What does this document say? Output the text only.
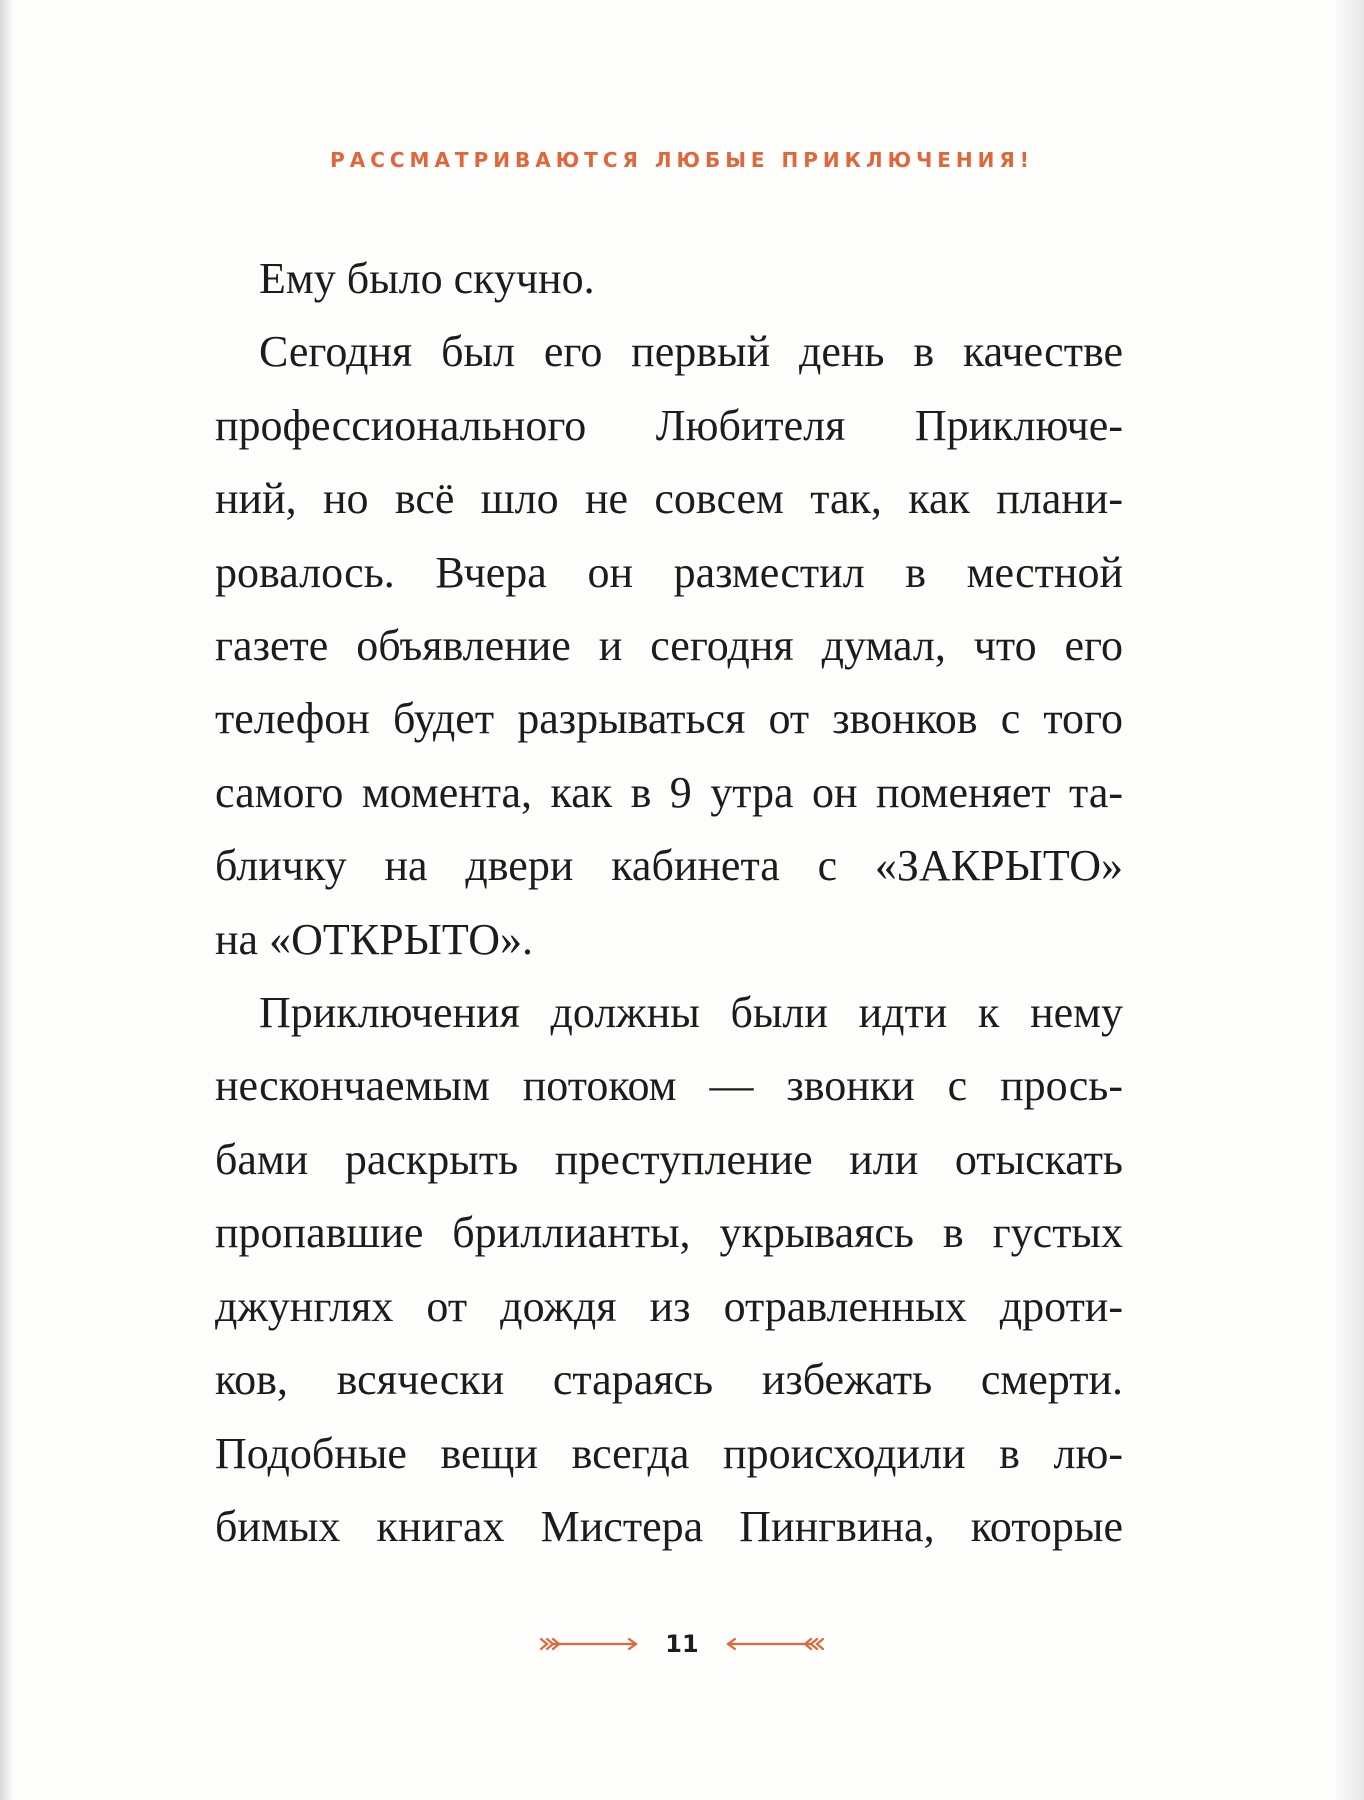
РАССМАТРИВАЮТСЯ ЛЮБЫЕ ПРИКЛЮЧЕНИЯ!
Ему было скучно.
Сегодня был его первый день в качестве
профессионального Любителя Приключе-
ний, но всё шло не совсем так, как плани-
ровалось. Вчера он разместил в местной
газете объявление и сегодня думал, что его
телефон будет разрываться от звонков с того
самого момента, как в 9 утра он поменяет та-
бличку на двери кабинета с «ЗАКРЫТО»
на «ОТКРЫТО».
Приключения должны были идти к нему
нескончаемым потоком — звонки с прось-
бами раскрыть преступление или отыскать
пропавшие бриллианты, укрываясь в густых
джунглях от дождя из отравленных дроти-
ков, всячески стараясь избежать смерти.
Подобные вещи всегда происходили в лю-
бимых книгах Мистера Пингвина, которые
11
